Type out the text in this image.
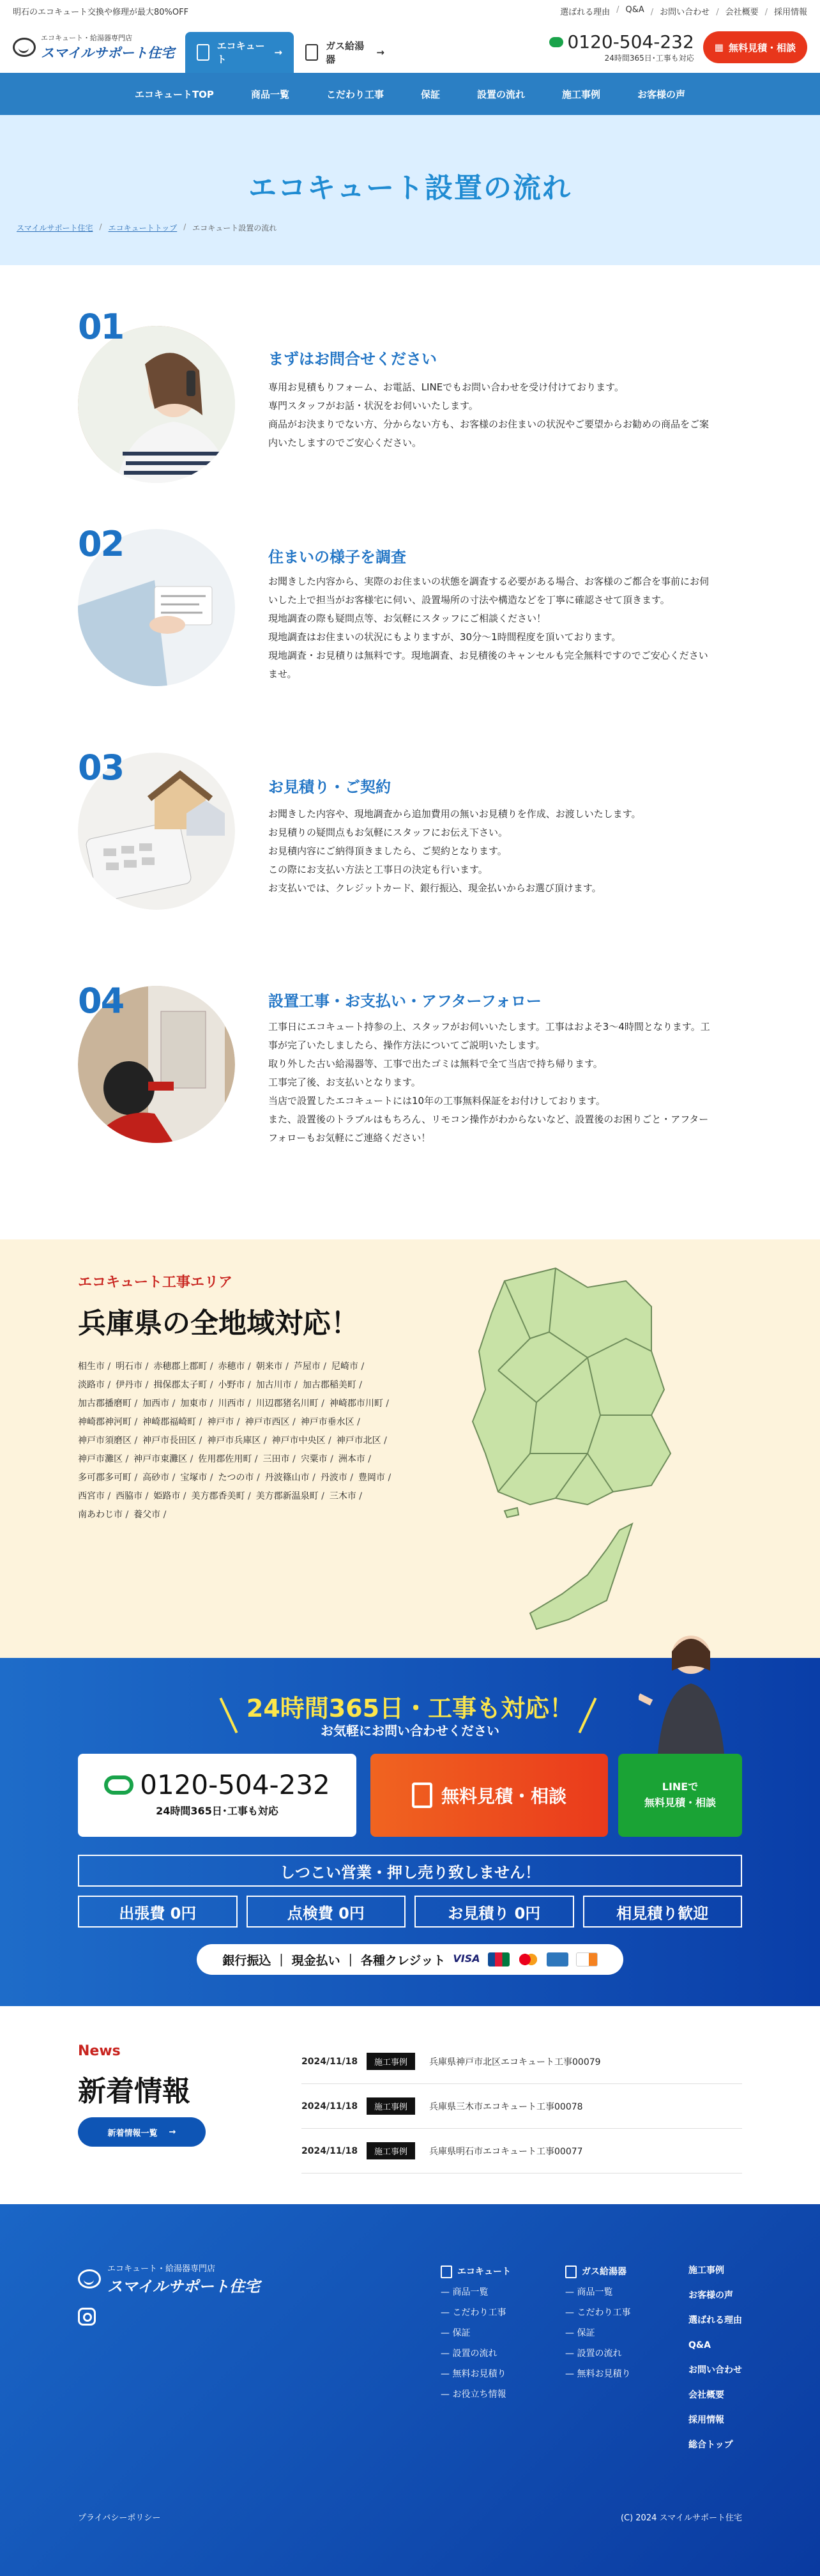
明石のエコキュート交換や修理が最大80%OFF	選ばれる理由	/ Q&A	/ お問い合わせ	/ 会社概要	/ 採用情報
エコキュート・給湯器専門店
スマイルサポート住宅	エコキュート
→
ガス給湯器
→	0120-504-232
24時間365日･工事も対応
▦ 無料見積・相談
エコキュートTOP	商品一覧	こだわり工事	保証	設置の流れ	施工事例	お客様の声
エコキュート設置の流れ
スマイルサポート住宅 / エコキュートトップ / エコキュート設置の流れ
01
まずはお問合せください
専用お見積もりフォーム、お電話、LINEでもお問い合わせを受け付けております。
専門スタッフがお話・状況をお伺いいたします。
商品がお決まりでない方、分からない方も、お客様のお住まいの状況やご要望からお勧めの商品をご案
内いたしますのでご安心ください。
02	住まいの様子を調査
お聞きした内容から、実際のお住まいの状態を調査する必要がある場合、お客様のご都合を事前にお伺
いした上で担当がお客様宅に伺い、設置場所の寸法や構造などを丁寧に確認させて頂きます。
現地調査の際も疑問点等、お気軽にスタッフにご相談ください！
現地調査はお住まいの状況にもよりますが、30分〜1時間程度を頂いております。
現地調査・お見積りは無料です。現地調査、お見積後のキャンセルも完全無料ですのでご安心ください
ませ。
03	お見積り・ご契約
お聞きした内容や、現地調査から追加費用の無いお見積りを作成、お渡しいたします。
お見積りの疑問点もお気軽にスタッフにお伝え下さい。
お見積内容にご納得頂きましたら、ご契約となります。
この際にお支払い方法と工事日の決定も行います。
お支払いでは、クレジットカード、銀行振込、現金払いからお選び頂けます。
04	設置工事・お支払い・アフターフォロー
工事日にエコキュート持参の上、スタッフがお伺いいたします。工事はおよそ3〜4時間となります。工
事が完了いたしましたら、操作方法についてご説明いたします。
取り外した古い給湯器等、工事で出たゴミは無料で全て当店で持ち帰ります。
工事完了後、お支払いとなります。
当店で設置したエコキュートには10年の工事無料保証をお付けしております。
また、設置後のトラブルはもちろん、リモコン操作がわからないなど、設置後のお困りごと・アフター
フォローもお気軽にご連絡ください！
エコキュート工事エリア
兵庫県の全地域対応！
相生市 /	明石市 /	赤穂郡上郡町 /	赤穂市 /	朝来市 /	芦屋市 /	尼崎市 /
淡路市 /	伊丹市 /	揖保郡太子町 /	小野市 /	加古川市 /	加古郡稲美町 /
加古郡播磨町 /	加西市 /	加東市 /	川西市 /	川辺郡猪名川町 /	神崎郡市川町 /
神崎郡神河町 /	神崎郡福崎町 /	神戸市 /	神戸市西区 /	神戸市垂水区 /
神戸市須磨区 /	神戸市長田区 /	神戸市兵庫区 /	神戸市中央区 /	神戸市北区 /
神戸市灘区 /	神戸市東灘区 /	佐用郡佐用町 /	三田市 /	宍粟市 /	洲本市 /
多可郡多可町 /	高砂市 /	宝塚市 /	たつの市 /	丹波篠山市 /	丹波市 /	豊岡市 /
西宮市 /	西脇市 /	姫路市 /	美方郡香美町 /	美方郡新温泉町 /	三木市 /
南あわじ市 /	養父市 /
24時間365日・工事も対応！
お気軽にお問い合わせください
0120-504-232
24時間365日･工事も対応
無料見積・相談	LINEで
無料見積・相談
しつこい営業・押し売り致しません！
出張費 0円	点検費 0円	お見積り 0円	相見積り歓迎
銀行振込 ｜ 現金払い ｜ 各種クレジット VISA
News
新着情報
新着情報一覧 →
2024/11/18	施工事例	兵庫県神戸市北区エコキュート工事00079
2024/11/18	施工事例	兵庫県三木市エコキュート工事00078
2024/11/18	施工事例	兵庫県明石市エコキュート工事00077
エコキュート・給湯器専門店
スマイルサポート住宅
エコキュート
— 商品一覧
— こだわり工事
— 保証
— 設置の流れ
— 無料お見積り
— お役立ち情報
ガス給湯器
— 商品一覧
— こだわり工事
— 保証
— 設置の流れ
— 無料お見積り
施工事例
お客様の声
選ばれる理由
Q&A
お問い合わせ
会社概要
採用情報
総合トップ
プライバシーポリシー	(C) 2024 スマイルサポート住宅
